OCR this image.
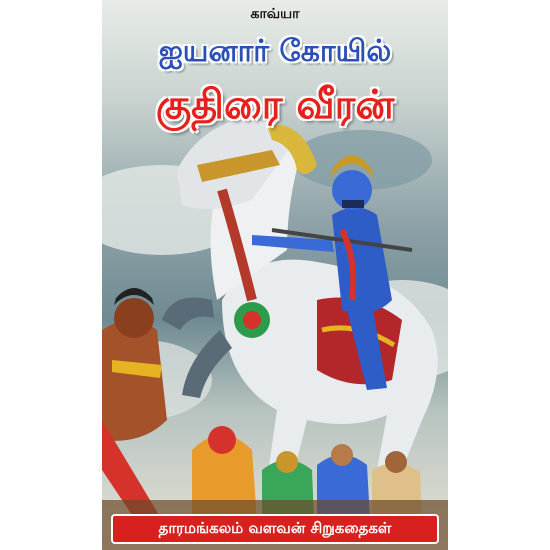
காவ்யா
ஐயனார் கோயில்
குதிரை வீரன்
தாரமங்கலம் வளவன் சிறுகதைகள்
